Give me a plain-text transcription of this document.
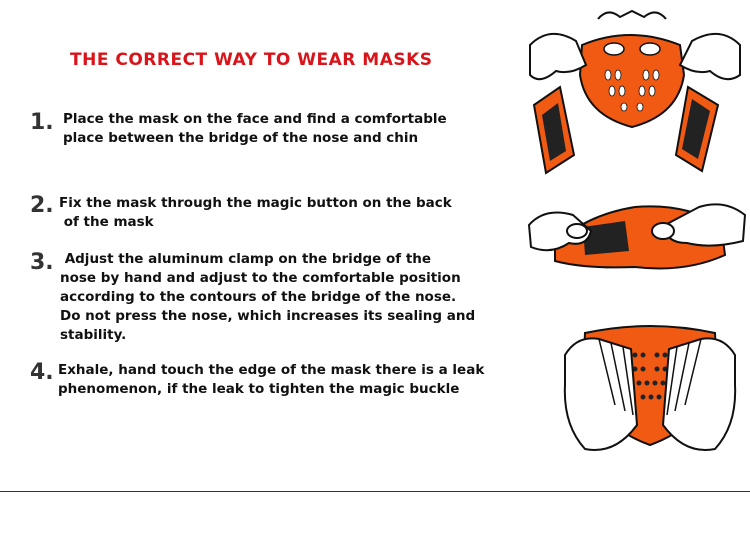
THE CORRECT WAY TO WEAR MASKS
1. Place the mask on the face and find a comfortable
place between the bridge of the nose and chin
2. Fix the mask through the magic button on the back
of the mask
3. Adjust the aluminum clamp on the bridge of the
nose by hand and adjust to the comfortable position
according to the contours of the bridge of the nose.
Do not press the nose, which increases its sealing and
stability.
4. Exhale, hand touch the edge of the mask there is a leak
phenomenon, if the leak to tighten the magic buckle
